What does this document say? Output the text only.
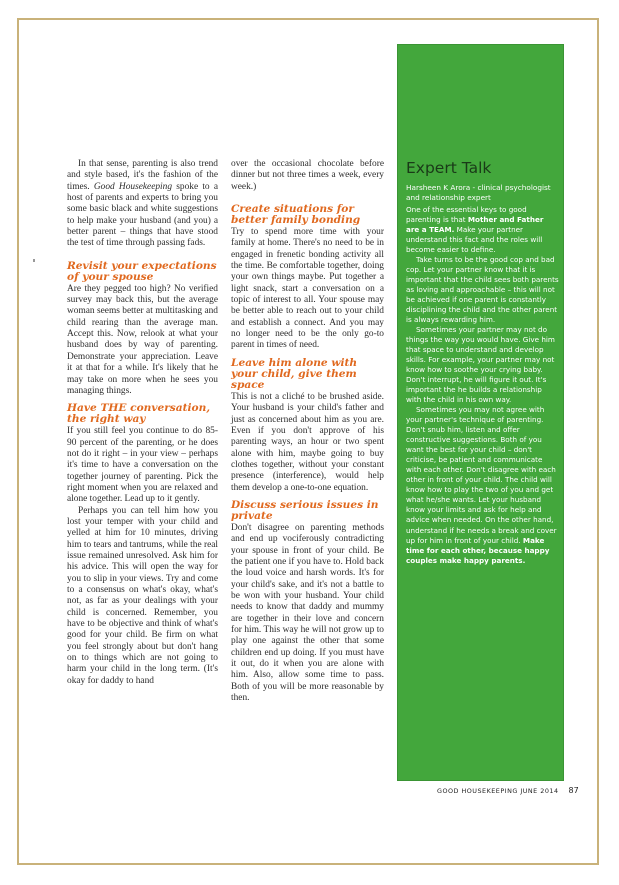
In that sense, parenting is also trend and style based, it's the fashion of the times. Good Housekeeping spoke to a host of parents and experts to bring you some basic black and white suggestions to help make your husband (and you) a better parent – things that have stood the test of time through passing fads.

Revisit your expectations of your spouse

Are they pegged too high? No verified survey may back this, but the average woman seems better at multitasking and child rearing than the average man. Accept this. Now, relook at what your husband does by way of parenting. Demonstrate your appreciation. Leave it at that for a while. It's likely that he may take on more when he sees you managing things.

Have THE conversation, the right way

If you still feel you continue to do 85-90 percent of the parenting, or he does not do it right – in your view – perhaps it's time to have a conversation on the together journey of parenting. Pick the right moment when you are relaxed and alone together. Lead up to it gently.

Perhaps you can tell him how you lost your temper with your child and yelled at him for 10 minutes, driving him to tears and tantrums, while the real issue remained unresolved. Ask him for his advice. This will open the way for you to slip in your views. Try and come to a consensus on what's okay, what's not, as far as your dealings with your child is concerned. Remember, you have to be objective and think of what's good for your child. Be firm on what you feel strongly about but don't hang on to things which are not going to harm your child in the long term. (It's okay for daddy to hand

over the occasional chocolate before dinner but not three times a week, every week.)

Create situations for better family bonding

Try to spend more time with your family at home. There's no need to be in engaged in frenetic bonding activity all the time. Be comfortable together, doing your own things maybe. Put together a light snack, start a conversation on a topic of interest to all. Your spouse may be better able to reach out to your child and establish a connect. And you may no longer need to be the only go-to parent in times of need.

Leave him alone with your child, give them space

This is not a cliché to be brushed aside. Your husband is your child's father and just as concerned about him as you are. Even if you don't approve of his parenting ways, an hour or two spent alone with him, maybe going to buy clothes together, without your constant presence (interference), would help them develop a one-to-one equation.

Discuss serious issues in private

Don't disagree on parenting methods and end up vociferously contradicting your spouse in front of your child. Be the patient one if you have to. Hold back the loud voice and harsh words. It's for your child's sake, and it's not a battle to be won with your husband. Your child needs to know that daddy and mummy are together in their love and concern for him. This way he will not grow up to play one against the other that some children end up doing. If you must have it out, do it when you are alone with him. Also, allow some time to pass. Both of you will be more reasonable by then.

Expert Talk
Harsheen K Arora - clinical psychologist and relationship expert

One of the essential keys to good parenting is that Mother and Father are a TEAM. Make your partner understand this fact and the roles will become easier to define.

Take turns to be the good cop and bad cop. Let your partner know that it is important that the child sees both parents as loving and approachable – this will not be achieved if one parent is constantly disciplining the child and the other parent is always rewarding him.

Sometimes your partner may not do things the way you would have. Give him that space to understand and develop skills. For example, your partner may not know how to soothe your crying baby. Don't interrupt, he will figure it out. It's important the he builds a relationship with the child in his own way.

Sometimes you may not agree with your partner's technique of parenting. Don't snub him, listen and offer constructive suggestions. Both of you want the best for your child – don't criticise, be patient and communicate with each other. Don't disagree with each other in front of your child. The child will know how to play the two of you and get what he/she wants. Let your husband know your limits and ask for help and advice when needed. On the other hand, understand if he needs a break and cover up for him in front of your child. Make time for each other, because happy couples make happy parents.

GOOD HOUSEKEEPING JUNE 2014 87
